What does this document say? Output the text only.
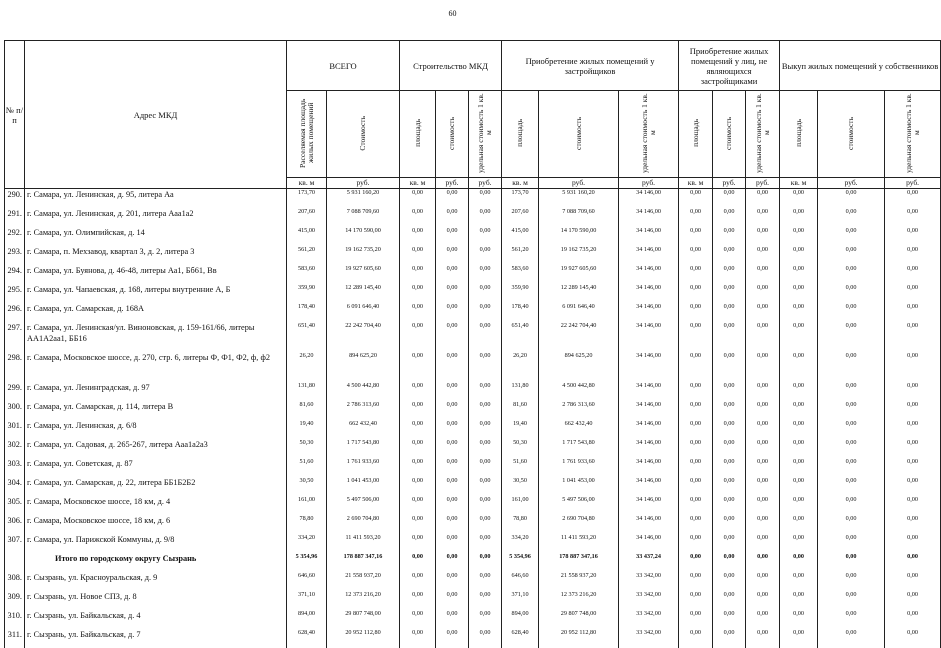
60
№ п/п	Адрес МКД	ВСЕГО		Строительство МКД			Приобретение жилых помещений у застройщиков			Приобретение жилых помещений у лиц, не являющихся застройщиками			Выкуп жилых помещений у собственников		
		Расселяемая площадь жилых помещений	Стоимость	площадь	стоимость	удельная стоимость 1 кв. м	площадь	стоимость	удельная стоимость 1 кв. м	площадь	стоимость	удельная стоимость 1 кв. м	площадь	стоимость	удельная стоимость 1 кв. м
		кв. м	руб.	кв. м	руб.	руб.	кв. м	руб.	руб.	кв. м	руб.	руб.	кв. м	руб.	руб.
290.	г. Самара, ул. Ленинская, д. 95, литера Аа	173,70	5 931 160,20	0,00	0,00	0,00	173,70	5 931 160,20	34 146,00	0,00	0,00	0,00	0,00	0,00	0,00
291.	г. Самара, ул. Ленинская, д. 201, литера Ааа1а2	207,60	7 088 709,60	0,00	0,00	0,00	207,60	7 088 709,60	34 146,00	0,00	0,00	0,00	0,00	0,00	0,00
292.	г. Самара, ул. Олимпийская, д. 14	415,00	14 170 590,00	0,00	0,00	0,00	415,00	14 170 590,00	34 146,00	0,00	0,00	0,00	0,00	0,00	0,00
293.	г. Самара, п. Мехзавод, квартал 3, д. 2, литера 3	561,20	19 162 735,20	0,00	0,00	0,00	561,20	19 162 735,20	34 146,00	0,00	0,00	0,00	0,00	0,00	0,00
294.	г. Самара, ул. Буянова, д. 46-48, литеры Аа1, Бб61, Вв	583,60	19 927 605,60	0,00	0,00	0,00	583,60	19 927 605,60	34 146,00	0,00	0,00	0,00	0,00	0,00	0,00
295.	г. Самара, ул. Чапаевская, д. 168, литеры внутренние А, Б	359,90	12 289 145,40	0,00	0,00	0,00	359,90	12 289 145,40	34 146,00	0,00	0,00	0,00	0,00	0,00	0,00
296.	г. Самара, ул. Самарская, д. 168А	178,40	6 091 646,40	0,00	0,00	0,00	178,40	6 091 646,40	34 146,00	0,00	0,00	0,00	0,00	0,00	0,00
297.	г. Самара, ул. Ленинская/ул. Виноновская, д. 159-161/66, литеры АА1А2аа1, ББ16	651,40	22 242 704,40	0,00	0,00	0,00	651,40	22 242 704,40	34 146,00	0,00	0,00	0,00	0,00	0,00	0,00
298.	г. Самара, Московское шоссе, д. 270, стр. 6, литеры Ф, Ф1, Ф2, ф, ф2	26,20	894 625,20	0,00	0,00	0,00	26,20	894 625,20	34 146,00	0,00	0,00	0,00	0,00	0,00	0,00
299.	г. Самара, ул. Ленинградская, д. 97	131,80	4 500 442,80	0,00	0,00	0,00	131,80	4 500 442,80	34 146,00	0,00	0,00	0,00	0,00	0,00	0,00
300.	г. Самара, ул. Самарская, д. 114, литера В	81,60	2 786 313,60	0,00	0,00	0,00	81,60	2 786 313,60	34 146,00	0,00	0,00	0,00	0,00	0,00	0,00
301.	г. Самара, ул. Ленинская, д. 6/8	19,40	662 432,40	0,00	0,00	0,00	19,40	662 432,40	34 146,00	0,00	0,00	0,00	0,00	0,00	0,00
302.	г. Самара, ул. Садовая, д. 265-267, литера Ааа1а2а3	50,30	1 717 543,80	0,00	0,00	0,00	50,30	1 717 543,80	34 146,00	0,00	0,00	0,00	0,00	0,00	0,00
303.	г. Самара, ул. Советская, д. 87	51,60	1 761 933,60	0,00	0,00	0,00	51,60	1 761 933,60	34 146,00	0,00	0,00	0,00	0,00	0,00	0,00
304.	г. Самара, ул. Самарская, д. 22, литера ББ1Б2Б2	30,50	1 041 453,00	0,00	0,00	0,00	30,50	1 041 453,00	34 146,00	0,00	0,00	0,00	0,00	0,00	0,00
305.	г. Самара, Московское шоссе, 18 км, д. 4	161,00	5 497 506,00	0,00	0,00	0,00	161,00	5 497 506,00	34 146,00	0,00	0,00	0,00	0,00	0,00	0,00
306.	г. Самара, Московское шоссе, 18 км, д. 6	78,80	2 690 704,80	0,00	0,00	0,00	78,80	2 690 704,80	34 146,00	0,00	0,00	0,00	0,00	0,00	0,00
307.	г. Самара, ул. Парижской Коммуны, д. 9/8	334,20	11 411 593,20	0,00	0,00	0,00	334,20	11 411 593,20	34 146,00	0,00	0,00	0,00	0,00	0,00	0,00
	Итого по городскому округу Сызрань	5 354,96	178 887 347,16	0,00	0,00	0,00	5 354,96	178 887 347,16	33 437,24	0,00	0,00	0,00	0,00	0,00	0,00
308.	г. Сызрань, ул. Красноуральская, д. 9	646,60	21 558 937,20	0,00	0,00	0,00	646,60	21 558 937,20	33 342,00	0,00	0,00	0,00	0,00	0,00	0,00
309.	г. Сызрань, ул. Новое СПЗ, д. 8	371,10	12 373 216,20	0,00	0,00	0,00	371,10	12 373 216,20	33 342,00	0,00	0,00	0,00	0,00	0,00	0,00
310.	г. Сызрань, ул. Байкальская, д. 4	894,00	29 807 748,00	0,00	0,00	0,00	894,00	29 807 748,00	33 342,00	0,00	0,00	0,00	0,00	0,00	0,00
311.	г. Сызрань, ул. Байкальская, д. 7	628,40	20 952 112,80	0,00	0,00	0,00	628,40	20 952 112,80	33 342,00	0,00	0,00	0,00	0,00	0,00	0,00
